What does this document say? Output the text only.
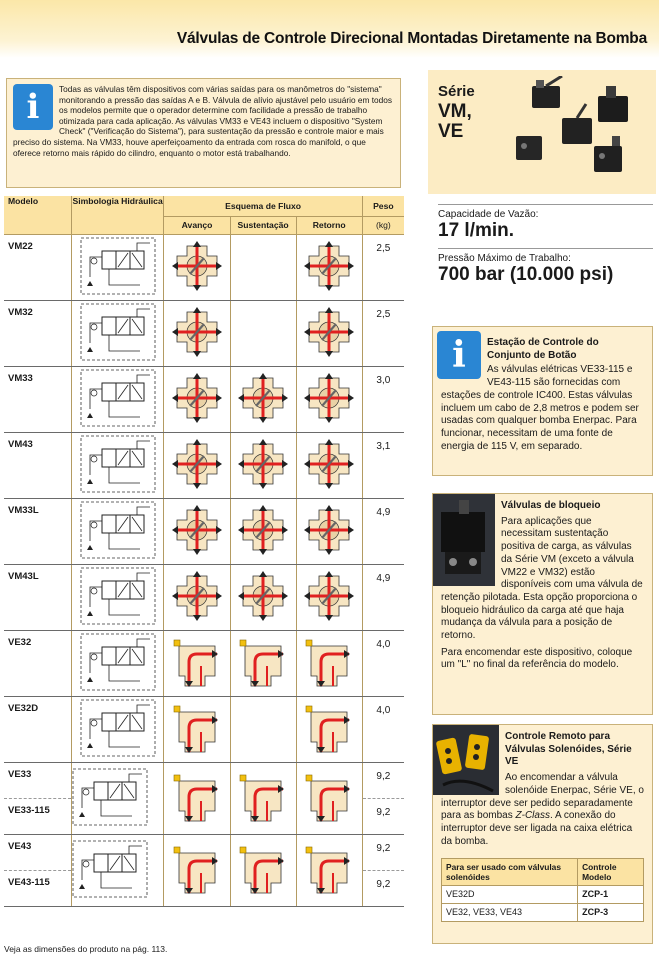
Válvulas de Controle Direcional Montadas Diretamente na Bomba
i	Todas as válvulas têm dispositivos com várias saídas para os manômetros do "sistema" monitorando a pressão das saídas A e B. Válvula de alívio ajustável pelo usuário em todos os modelos permite que o operador determine com facilidade a pressão de trabalho otimizada para cada aplicação. As válvulas VM33 e VE43 incluem o dispositivo "System Check" ("Verificação do Sistema"), para sustentação da pressão e controle maior e mais preciso do sistema. Na VM33, houve aperfeiçoamento da entrada com rosca do manifold, o que oferece retorno mais rápido do cilindro, enquanto o motor está trabalhando.
Modelo	Simbologia Hidráulica	Esquema de Fluxo			Peso
		Avanço	Sustentação	Retorno	(kg)
VM22					2,5
VM32					2,5
VM33					3,0
VM43					3,1
VM33L					4,9
VM43L					4,9
VE32					4,0
VE32D					4,0
VE33					9,2
VE33-115					9,2
VE43					9,2
VE43-115					9,2
Veja as dimensões do produto na pág. 113.
Série
VM,
VE
Capacidade de Vazão:
17 l/min.
Pressão Máximo de Trabalho:
700 bar (10.000 psi)
i	Estação de Controle do Conjunto de Botão
As válvulas elétricas VE33-115 e VE43-115 são fornecidas com estações de controle IC400. Estas válvulas incluem um cabo de 2,8 metros e podem ser usadas com qualquer bomba Enerpac. Para funcionar, necessitam de uma fonte de energia de 115 V, em separado.
Válvulas de bloqueio
Para aplicações que necessitam sustentação positiva de carga, as válvulas da Série VM (exceto a válvula VM22 e VM32) estão disponíveis com uma válvula de retenção pilotada. Esta opção proporciona o bloqueio hidráulico da carga até que haja mudança da válvula para a posição de retorno.
Para encomendar este dispositivo, coloque um "L" no final da referência do modelo.
Controle Remoto para Válvulas Solenóides, Série VE
Ao encomendar a válvula solenóide Enerpac, Série VE, o interruptor deve ser pedido separadamente para as bombas Z-Class. A conexão do interruptor deve ser ligada na caixa elétrica da bomba.
Para ser usado com válvulas solenóides	Controle Modelo
VE32D	ZCP-1
VE32, VE33, VE43	ZCP-3
